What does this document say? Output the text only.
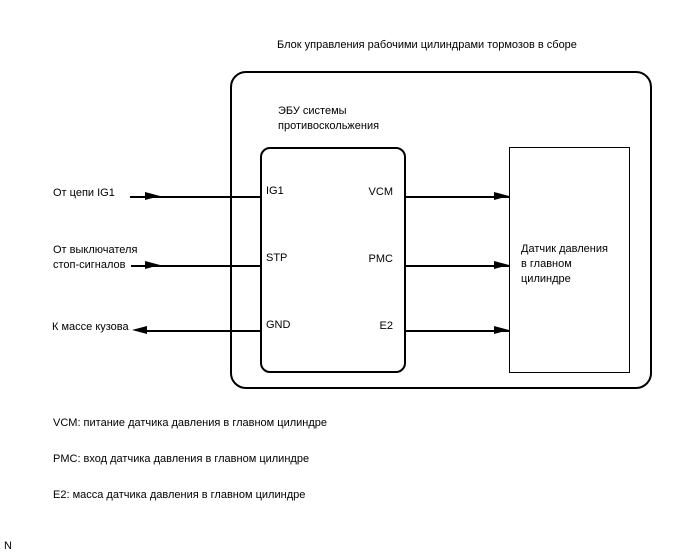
Блок управления рабочими цилиндрами тормозов в сборе
ЭБУ системы
противоскольжения
Датчик давления
в главном
цилиндре
IG1
STP
GND
VCM
PMC
E2
От цепи IG1
От выключателя
стоп-сигналов
К массе кузова
VCM: питание датчика давления в главном цилиндре
PMC: вход датчика давления в главном цилиндре
E2: масса датчика давления в главном цилиндре
N
